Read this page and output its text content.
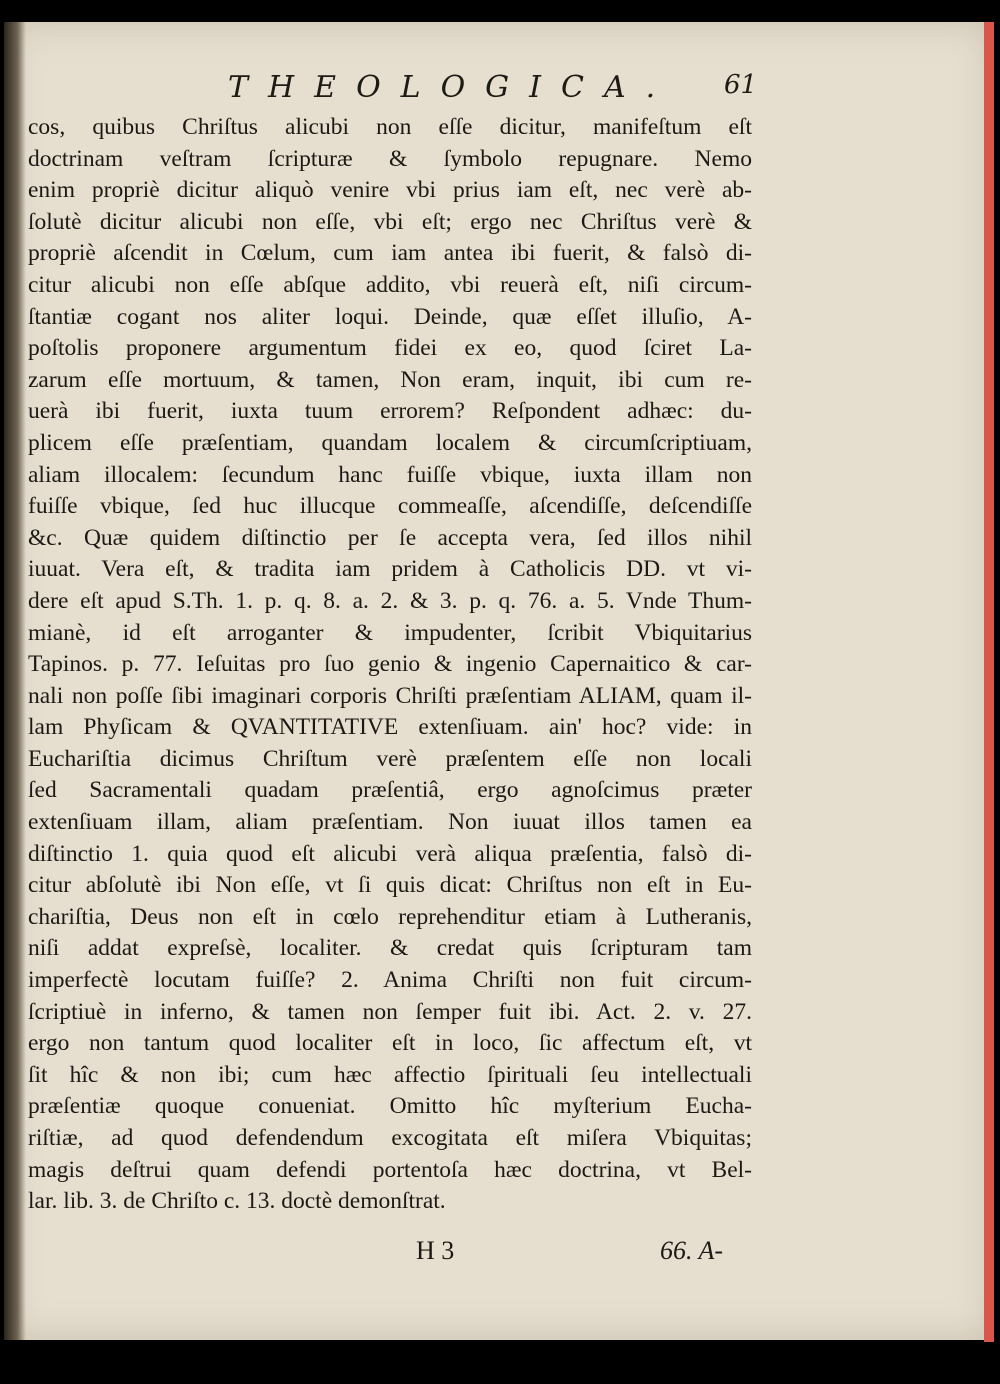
THEOLOGICA. 61
cos, quibus Chriſtus alicubi non eſſe dicitur, manifeſtum eſt
doctrinam veſtram ſcripturæ & ſymbolo repugnare. Nemo
enim propriè dicitur aliquò venire vbi prius iam eſt, nec verè ab-
ſolutè dicitur alicubi non eſſe, vbi eſt; ergo nec Chriſtus verè &
propriè aſcendit in Cœlum, cum iam antea ibi fuerit, & falsò di-
citur alicubi non eſſe abſque addito, vbi reuerà eſt, niſi circum-
ſtantiæ cogant nos aliter loqui. Deinde, quæ eſſet illuſio, A-
poſtolis proponere argumentum fidei ex eo, quod ſciret La-
zarum eſſe mortuum, & tamen, Non eram, inquit, ibi cum re-
uerà ibi fuerit, iuxta tuum errorem? Reſpondent adhæc: du-
plicem eſſe præſentiam, quandam localem & circumſcriptiuam,
aliam illocalem: ſecundum hanc fuiſſe vbique, iuxta illam non
fuiſſe vbique, ſed huc illucque commeaſſe, aſcendiſſe, deſcendiſſe
&c. Quæ quidem diſtinctio per ſe accepta vera, ſed illos nihil
iuuat. Vera eſt, & tradita iam pridem à Catholicis DD. vt vi-
dere eſt apud S.Th. 1. p. q. 8. a. 2. & 3. p. q. 76. a. 5. Vnde Thum-
mianè, id eſt arroganter & impudenter, ſcribit Vbiquitarius
Tapinos. p. 77. Ieſuitas pro ſuo genio & ingenio Capernaitico & car-
nali non poſſe ſibi imaginari corporis Chriſti præſentiam ALIAM, quam il-
lam Phyſicam & QVANTITATIVE extenſiuam. ain' hoc? vide: in
Euchariſtia dicimus Chriſtum verè præſentem eſſe non locali
ſed Sacramentali quadam præſentiâ, ergo agnoſcimus præter
extenſiuam illam, aliam præſentiam. Non iuuat illos tamen ea
diſtinctio 1. quia quod eſt alicubi verà aliqua præſentia, falsò di-
citur abſolutè ibi Non eſſe, vt ſi quis dicat: Chriſtus non eſt in Eu-
chariſtia, Deus non eſt in cœlo reprehenditur etiam à Lutheranis,
niſi addat expreſsè, localiter. & credat quis ſcripturam tam
imperfectè locutam fuiſſe? 2. Anima Chriſti non fuit circum-
ſcriptiuè in inferno, & tamen non ſemper fuit ibi. Act. 2. v. 27.
ergo non tantum quod localiter eſt in loco, ſic affectum eſt, vt
ſit hîc & non ibi; cum hæc affectio ſpirituali ſeu intellectuali
præſentiæ quoque conueniat. Omitto hîc myſterium Eucha-
riſtiæ, ad quod defendendum excogitata eſt miſera Vbiquitas;
magis deſtrui quam defendi portentoſa hæc doctrina, vt Bel-
lar. lib. 3. de Chriſto c. 13. doctè demonſtrat.
H 3	66. A-
